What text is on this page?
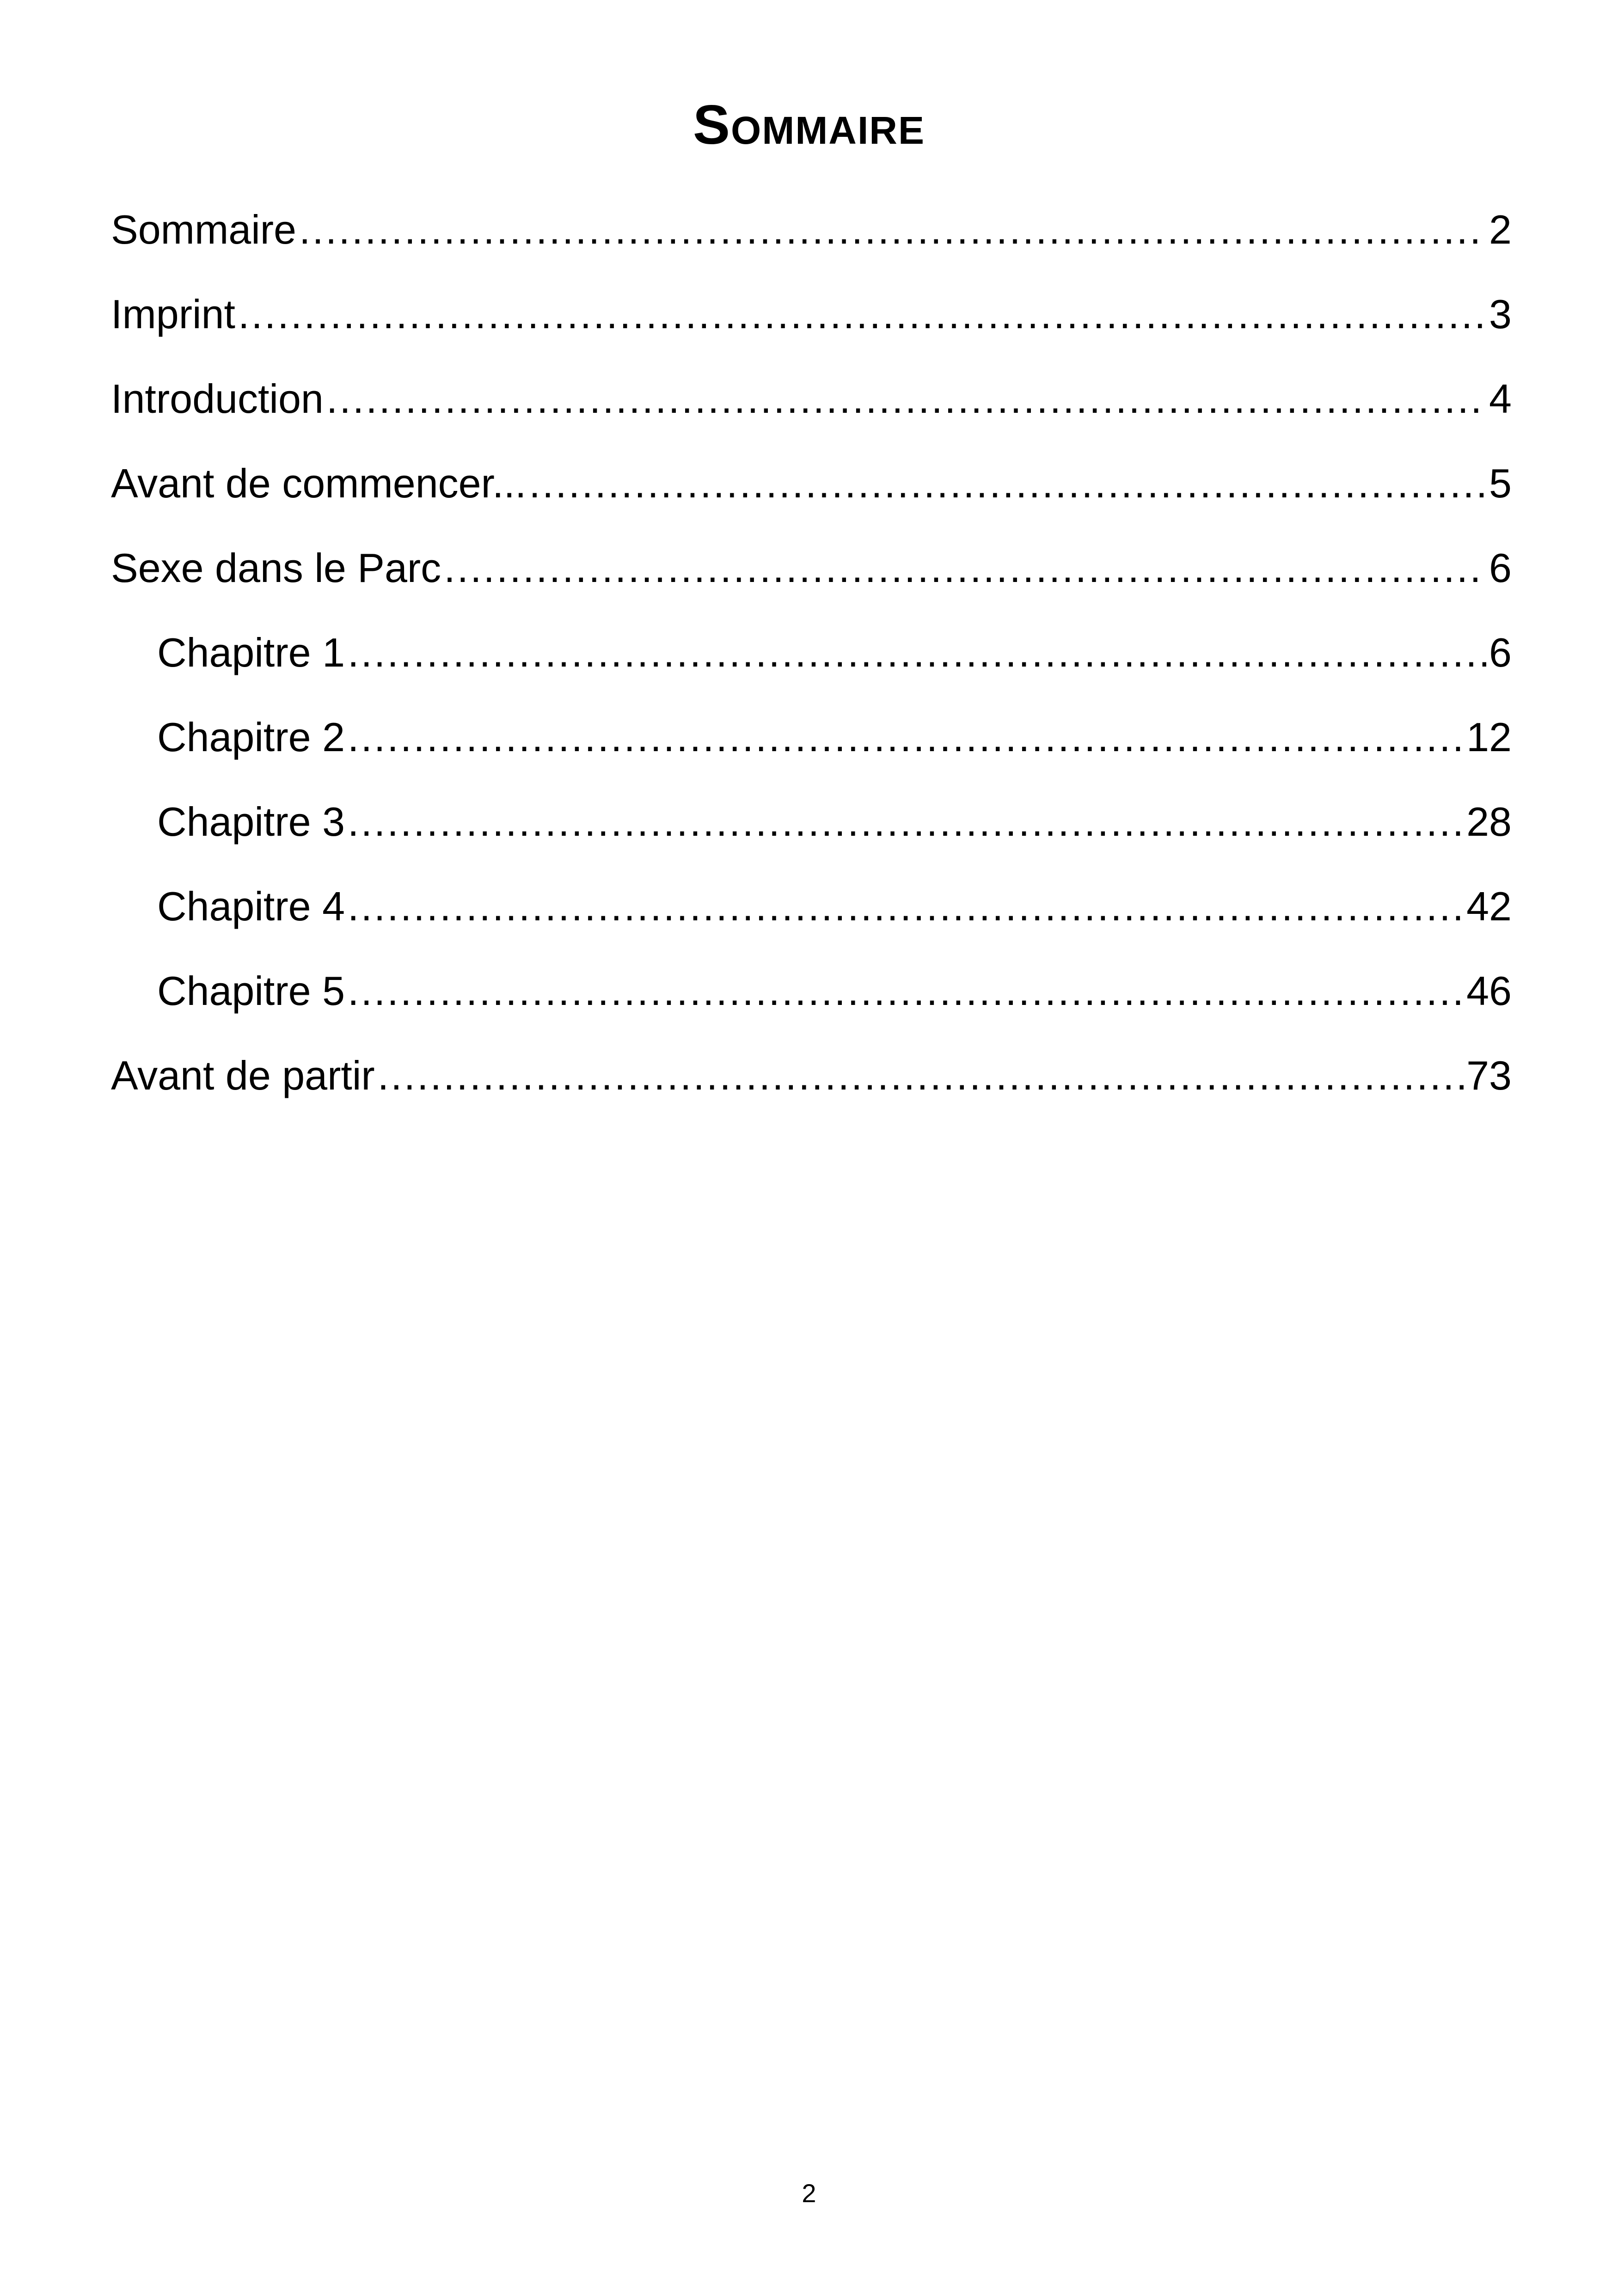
Sommaire
Sommaire .....	2
Imprint .....	3
Introduction .....	4
Avant de commencer... .....	5
Sexe dans le Parc .....	6
Chapitre 1 .....	6
Chapitre 2 .....	12
Chapitre 3 .....	28
Chapitre 4 .....	42
Chapitre 5 .....	46
Avant de partir .....	73
2
